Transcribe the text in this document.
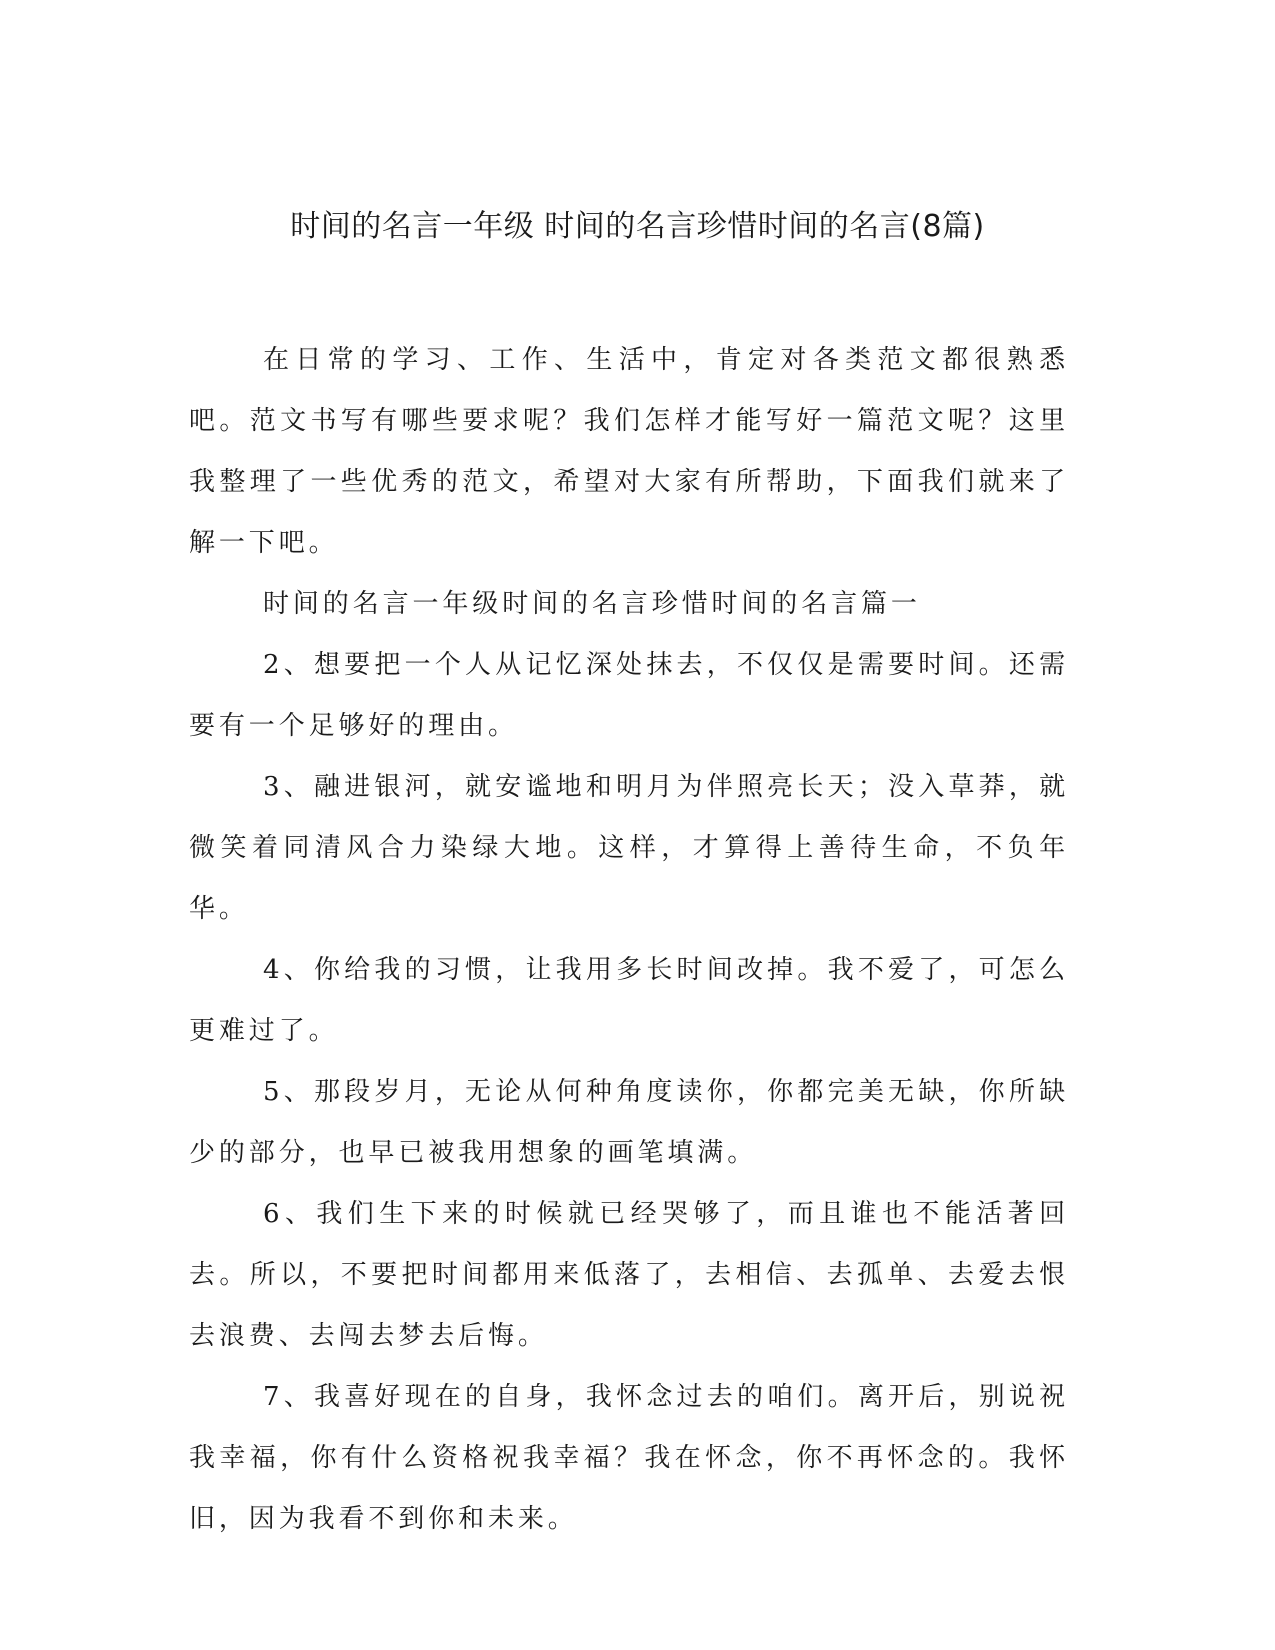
时间的名言一年级 时间的名言珍惜时间的名言(8篇)

在日常的学习、工作、生活中，肯定对各类范文都很熟悉吧。范文书写有哪些要求呢？我们怎样才能写好一篇范文呢？这里我整理了一些优秀的范文，希望对大家有所帮助，下面我们就来了解一下吧。

时间的名言一年级时间的名言珍惜时间的名言篇一

2、想要把一个人从记忆深处抹去，不仅仅是需要时间。还需要有一个足够好的理由。

3、融进银河，就安谧地和明月为伴照亮长天；没入草莽，就微笑着同清风合力染绿大地。这样，才算得上善待生命，不负年华。

4、你给我的习惯，让我用多长时间改掉。我不爱了，可怎么更难过了。

5、那段岁月，无论从何种角度读你，你都完美无缺，你所缺少的部分，也早已被我用想象的画笔填满。

6、我们生下来的时候就已经哭够了，而且谁也不能活著回去。所以，不要把时间都用来低落了，去相信、去孤单、去爱去恨去浪费、去闯去梦去后悔。

7、我喜好现在的自身，我怀念过去的咱们。离开后，别说祝我幸福，你有什么资格祝我幸福？我在怀念，你不再怀念的。我怀旧，因为我看不到你和未来。
